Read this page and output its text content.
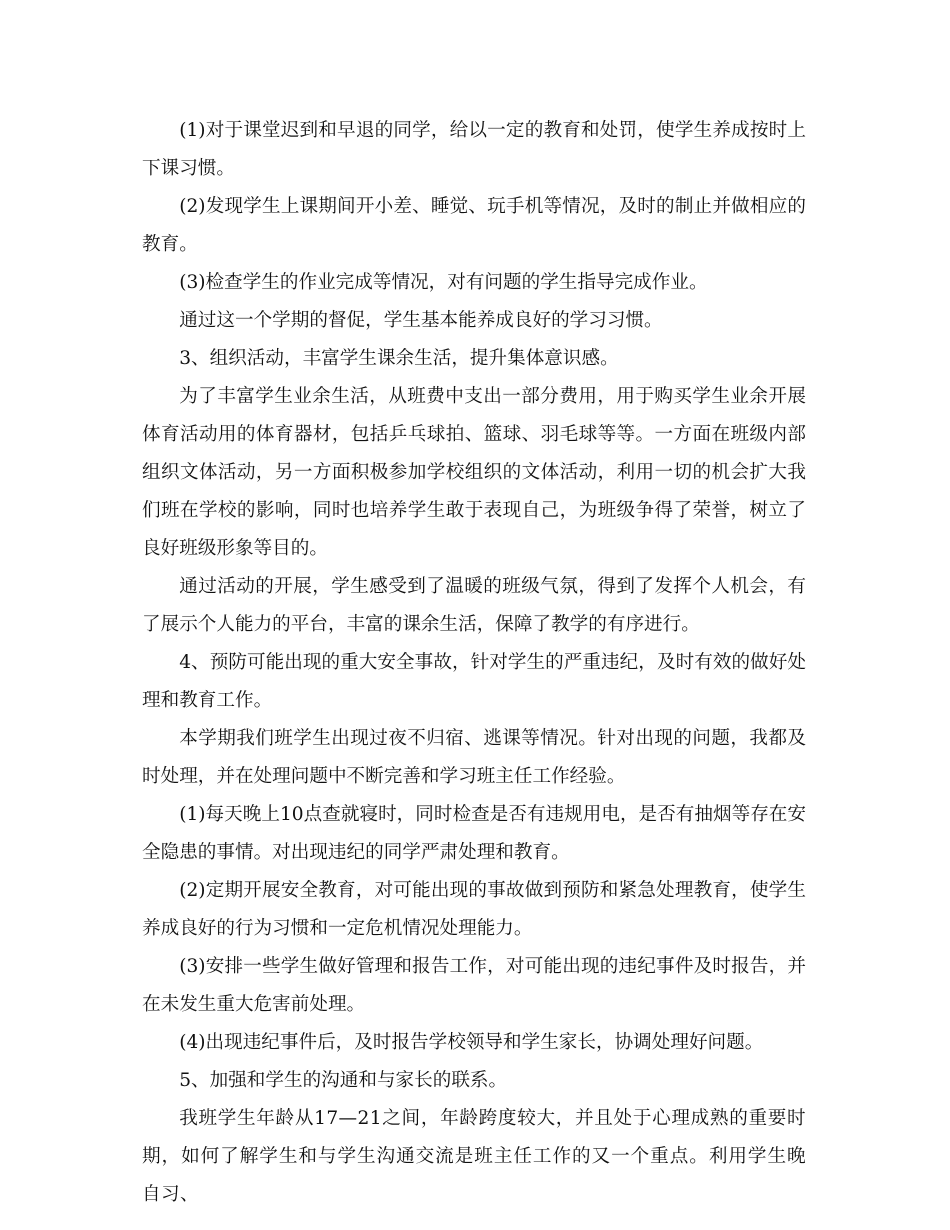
(1)对于课堂迟到和早退的同学，给以一定的教育和处罚，使学生养成按时上下课习惯。

(2)发现学生上课期间开小差、睡觉、玩手机等情况，及时的制止并做相应的教育。

(3)检查学生的作业完成等情况，对有问题的学生指导完成作业。

通过这一个学期的督促，学生基本能养成良好的学习习惯。

3、组织活动，丰富学生课余生活，提升集体意识感。

为了丰富学生业余生活，从班费中支出一部分费用，用于购买学生业余开展体育活动用的体育器材，包括乒乓球拍、篮球、羽毛球等等。一方面在班级内部组织文体活动，另一方面积极参加学校组织的文体活动，利用一切的机会扩大我们班在学校的影响，同时也培养学生敢于表现自己，为班级争得了荣誉，树立了良好班级形象等目的。

通过活动的开展，学生感受到了温暖的班级气氛，得到了发挥个人机会，有了展示个人能力的平台，丰富的课余生活，保障了教学的有序进行。

4、预防可能出现的重大安全事故，针对学生的严重违纪，及时有效的做好处理和教育工作。

本学期我们班学生出现过夜不归宿、逃课等情况。针对出现的问题，我都及时处理，并在处理问题中不断完善和学习班主任工作经验。

(1)每天晚上10点查就寝时，同时检查是否有违规用电，是否有抽烟等存在安全隐患的事情。对出现违纪的同学严肃处理和教育。

(2)定期开展安全教育，对可能出现的事故做到预防和紧急处理教育，使学生养成良好的行为习惯和一定危机情况处理能力。

(3)安排一些学生做好管理和报告工作，对可能出现的违纪事件及时报告，并在未发生重大危害前处理。

(4)出现违纪事件后，及时报告学校领导和学生家长，协调处理好问题。

5、加强和学生的沟通和与家长的联系。

我班学生年龄从17—21之间，年龄跨度较大，并且处于心理成熟的重要时期，如何了解学生和与学生沟通交流是班主任工作的又一个重点。利用学生晚自习、
